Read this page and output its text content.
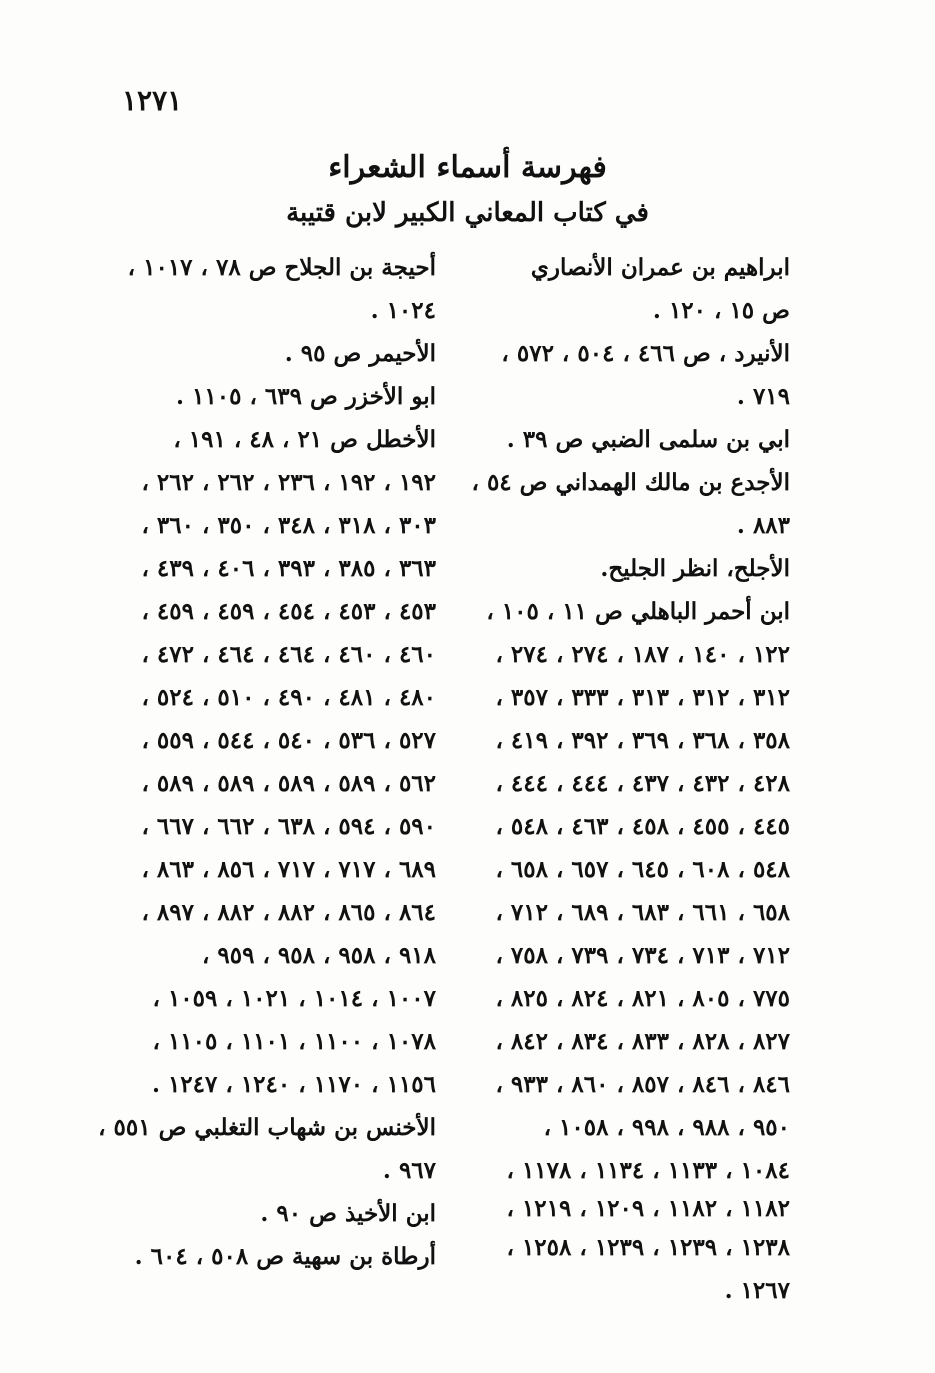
١٢٧١
فهرسة أسماء الشعراء
في كتاب المعاني الكبير لابن قتيبة
ابراهيم بن عمران الأنصاري
ص ١٥ ، ١٢٠ .
الأنيرد ، ص ٤٦٦ ، ٥٠٤ ، ٥٧٢ ،
٧١٩ .
ابي بن سلمى الضبي ص ٣٩ .
الأجدع بن مالك الهمداني ص ٥٤ ،
٨٨٣ .
الأجلح، انظر الجليح.
ابن أحمر الباهلي ص ١١ ، ١٠٥ ،
١٢٢ ، ١٤٠ ، ١٨٧ ، ٢٧٤ ، ٢٧٤ ،
٣١٢ ، ٣١٢ ، ٣١٣ ، ٣٣٣ ، ٣٥٧ ،
٣٥٨ ، ٣٦٨ ، ٣٦٩ ، ٣٩٢ ، ٤١٩ ،
٤٢٨ ، ٤٣٢ ، ٤٣٧ ، ٤٤٤ ، ٤٤٤ ،
٤٤٥ ، ٤٥٥ ، ٤٥٨ ، ٤٦٣ ، ٥٤٨ ،
٥٤٨ ، ٦٠٨ ، ٦٤٥ ، ٦٥٧ ، ٦٥٨ ،
٦٥٨ ، ٦٦١ ، ٦٨٣ ، ٦٨٩ ، ٧١٢ ،
٧١٢ ، ٧١٣ ، ٧٣٤ ، ٧٣٩ ، ٧٥٨ ،
٧٧٥ ، ٨٠٥ ، ٨٢١ ، ٨٢٤ ، ٨٢٥ ،
٨٢٧ ، ٨٢٨ ، ٨٣٣ ، ٨٣٤ ، ٨٤٢ ،
٨٤٦ ، ٨٤٦ ، ٨٥٧ ، ٨٦٠ ، ٩٣٣ ،
٩٥٠ ، ٩٨٨ ، ٩٩٨ ، ١٠٥٨ ،
١٠٨٤ ، ١١٣٣ ، ١١٣٤ ، ١١٧٨ ،
١١٨٢ ، ١١٨٢ ، ١٢٠٩ ، ١٢١٩ ،
١٢٣٨ ، ١٢٣٩ ، ١٢٣٩ ، ١٢٥٨ ،
١٢٦٧ .
أحيجة بن الجلاح ص ٧٨ ، ١٠١٧ ،
١٠٢٤ .
الأحيمر ص ٩٥ .
ابو الأخزر ص ٦٣٩ ، ١١٠٥ .
الأخطل ص ٢١ ، ٤٨ ، ١٩١ ،
١٩٢ ، ١٩٢ ، ٢٣٦ ، ٢٦٢ ، ٢٦٢ ،
٣٠٣ ، ٣١٨ ، ٣٤٨ ، ٣٥٠ ، ٣٦٠ ،
٣٦٣ ، ٣٨٥ ، ٣٩٣ ، ٤٠٦ ، ٤٣٩ ،
٤٥٣ ، ٤٥٣ ، ٤٥٤ ، ٤٥٩ ، ٤٥٩ ،
٤٦٠ ، ٤٦٠ ، ٤٦٤ ، ٤٦٤ ، ٤٧٢ ،
٤٨٠ ، ٤٨١ ، ٤٩٠ ، ٥١٠ ، ٥٢٤ ،
٥٢٧ ، ٥٣٦ ، ٥٤٠ ، ٥٤٤ ، ٥٥٩ ،
٥٦٢ ، ٥٨٩ ، ٥٨٩ ، ٥٨٩ ، ٥٨٩ ،
٥٩٠ ، ٥٩٤ ، ٦٣٨ ، ٦٦٢ ، ٦٦٧ ،
٦٨٩ ، ٧١٧ ، ٧١٧ ، ٨٥٦ ، ٨٦٣ ،
٨٦٤ ، ٨٦٥ ، ٨٨٢ ، ٨٨٢ ، ٨٩٧ ،
٩١٨ ، ٩٥٨ ، ٩٥٨ ، ٩٥٩ ،
١٠٠٧ ، ١٠١٤ ، ١٠٢١ ، ١٠٥٩ ،
١٠٧٨ ، ١١٠٠ ، ١١٠١ ، ١١٠٥ ،
١١٥٦ ، ١١٧٠ ، ١٢٤٠ ، ١٢٤٧ .
الأخنس بن شهاب التغلبي ص ٥٥١ ،
٩٦٧ .
ابن الأخيذ ص ٩٠ .
أرطاة بن سهية ص ٥٠٨ ، ٦٠٤ .
